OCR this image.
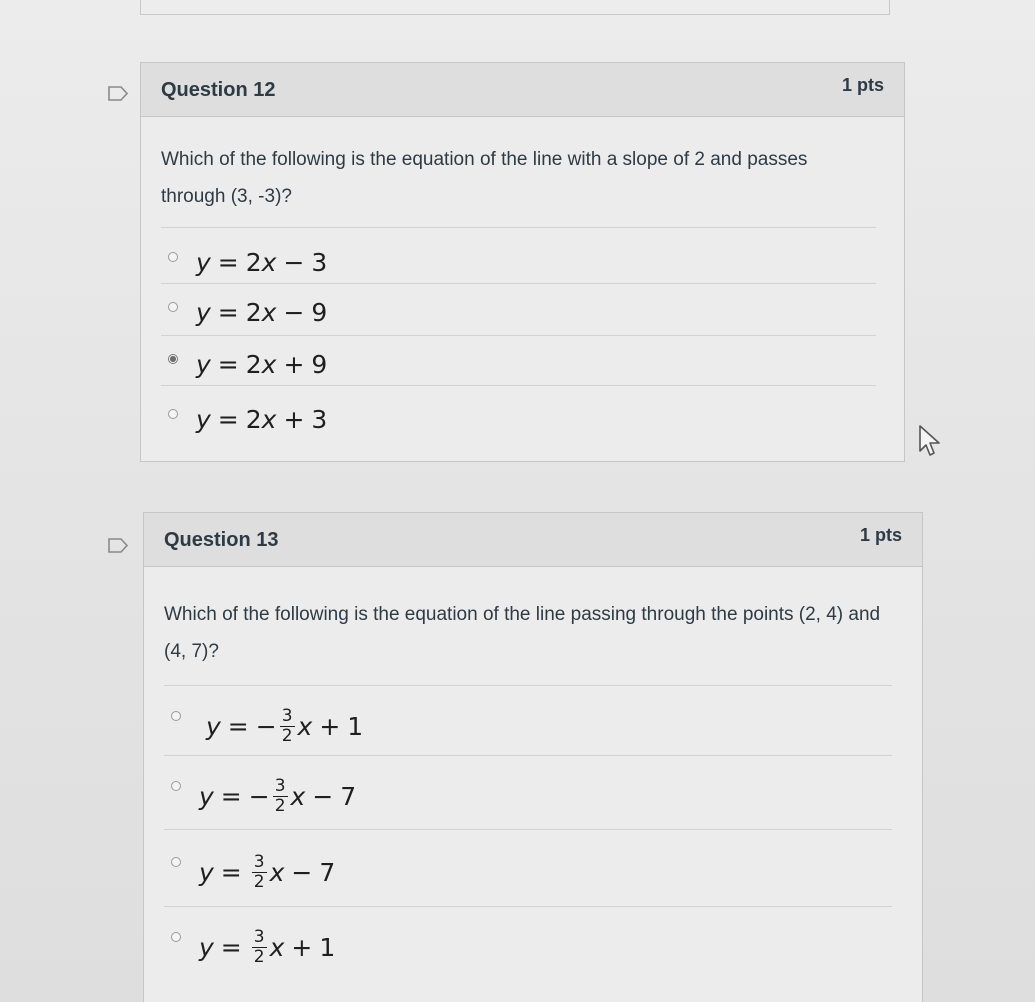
Question 12	1 pts
Which of the following is the equation of the line with a slope of 2 and passes through (3, -3)?
y = 2 x − 3
y = 2 x − 9
y = 2 x + 9
y = 2 x + 3
Question 13	1 pts
Which of the following is the equation of the line passing through the points (2, 4) and (4, 7)?
y = − $\frac{3}{2}$ x + 1
y = − $\frac{3}{2}$ x − 7
$y = \frac{3}{2}$ x − 7
$y = \frac{3}{2}$ x + 1
